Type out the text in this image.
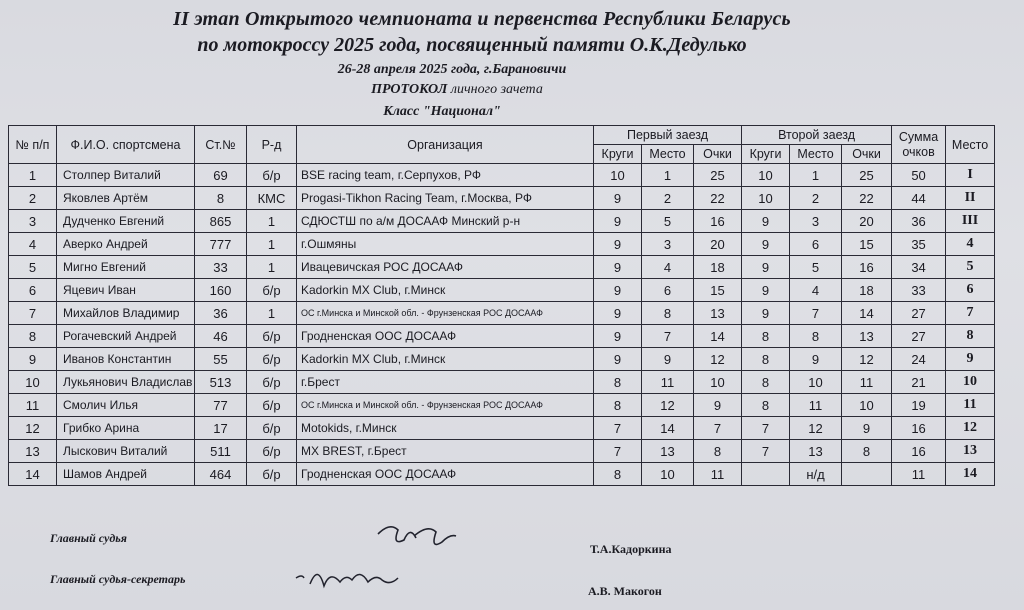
II этап Открытого чемпионата и первенства Республики Беларусь
по мотокроссу 2025 года, посвященный памяти О.К.Дедулько
26-28 апреля 2025 года, г.Барановичи
ПРОТОКОЛ личного зачета
Класс "Национал"
№ п/п	Ф.И.О. спортсмена	Ст.№	Р-д	Организация	Первый заезд			Второй заезд			Сумма очков	Место
					Круги	Место	Очки	Круги	Место	Очки		
1	Столпер Виталий	69	б/р	BSE racing team, г.Серпухов, РФ	10	1	25	10	1	25	50	I
2	Яковлев Артём	8	КМС	Progasi-Tikhon Racing Team, г.Москва, РФ	9	2	22	10	2	22	44	II
3	Дудченко Евгений	865	1	СДЮСТШ по а/м ДОСААФ Минский р-н	9	5	16	9	3	20	36	III
4	Аверко Андрей	777	1	г.Ошмяны	9	3	20	9	6	15	35	4
5	Мигно Евгений	33	1	Ивацевичская РОС ДОСААФ	9	4	18	9	5	16	34	5
6	Яцевич Иван	160	б/р	Kadorkin MX Club, г.Минск	9	6	15	9	4	18	33	6
7	Михайлов Владимир	36	1	ОС г.Минска и Минской обл. - Фрунзенская РОС ДОСААФ	9	8	13	9	7	14	27	7
8	Рогачевский Андрей	46	б/р	Гродненская ООС ДОСААФ	9	7	14	8	8	13	27	8
9	Иванов Константин	55	б/р	Kadorkin MX Club, г.Минск	9	9	12	8	9	12	24	9
10	Лукьянович Владислав	513	б/р	г.Брест	8	11	10	8	10	11	21	10
11	Смолич Илья	77	б/р	ОС г.Минска и Минской обл. - Фрунзенская РОС ДОСААФ	8	12	9	8	11	10	19	11
12	Грибко Арина	17	б/р	Motokids, г.Минск	7	14	7	7	12	9	16	12
13	Лыскович Виталий	511	б/р	MX BREST, г.Брест	7	13	8	7	13	8	16	13
14	Шамов Андрей	464	б/р	Гродненская ООС ДОСААФ	8	10	11		н/д		11	14
Главный судья
Т.А.Кадоркина
Главный судья-секретарь
А.В. Макогон
